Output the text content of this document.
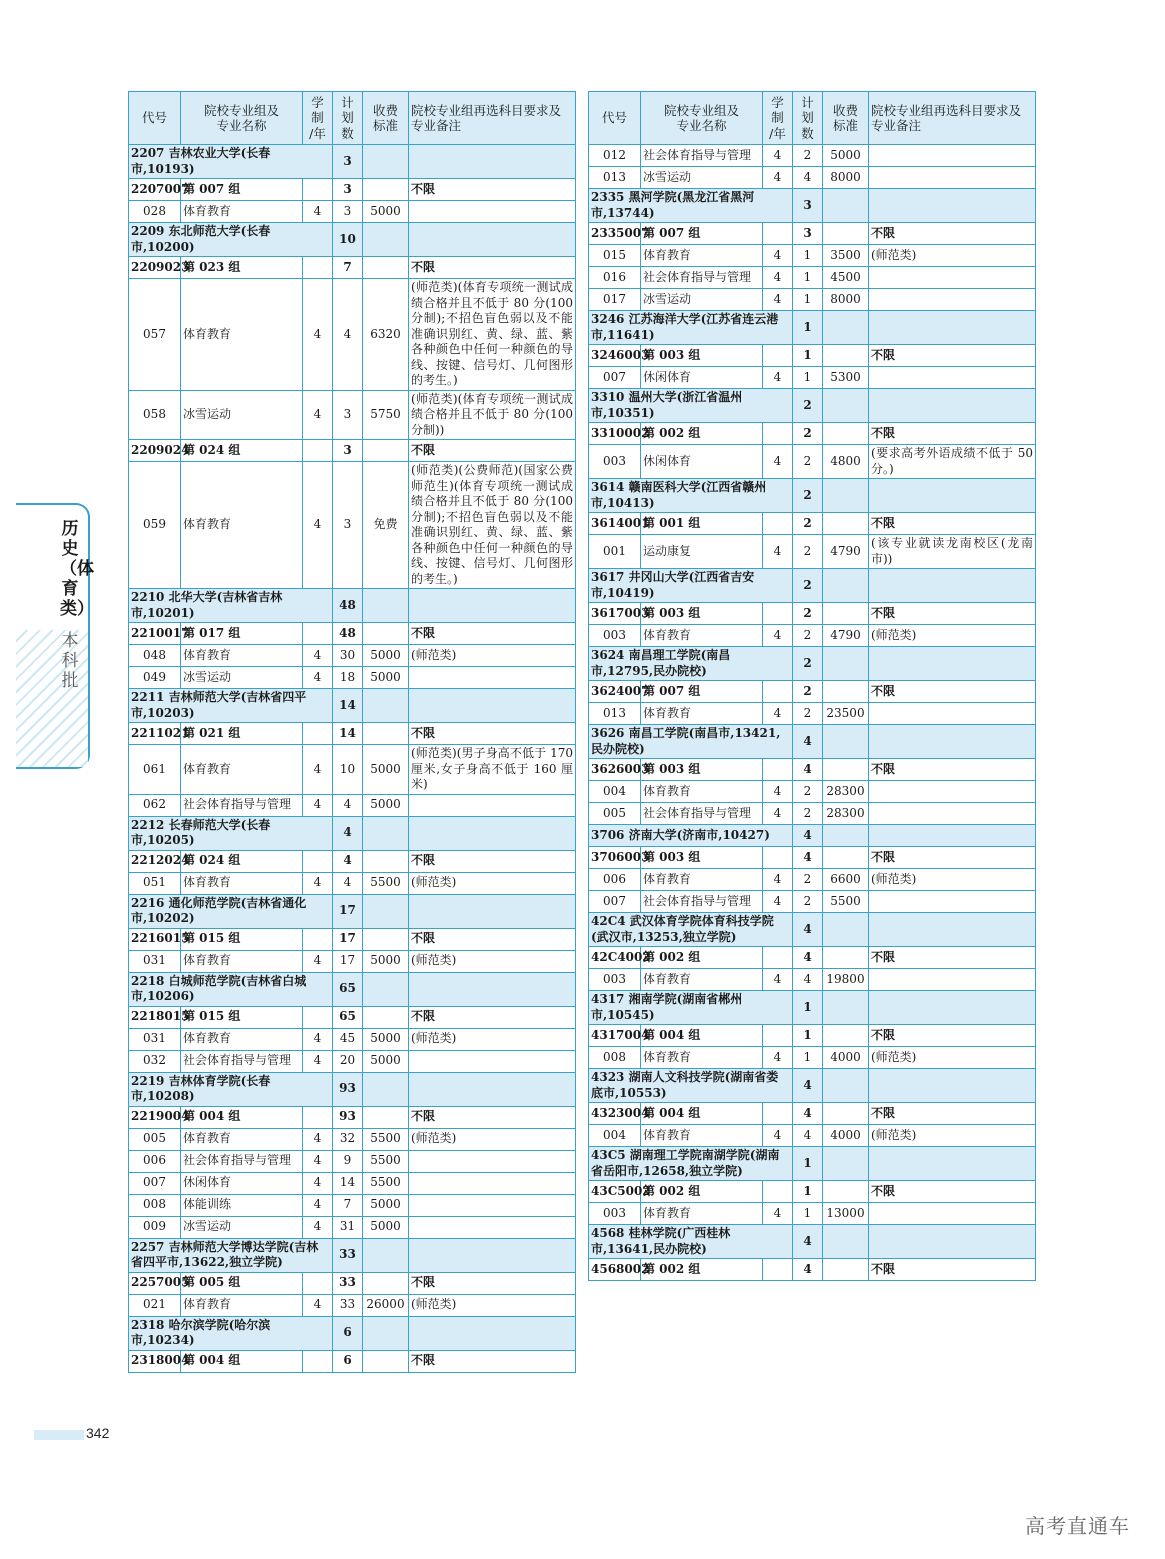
历史（体育类）
本科批
代号	院校专业组及
专业名称	学
制
/年	计
划
数	收费
标准	院校专业组再选科目要求及
专业备注
2207 吉林农业大学(长春市,10193)			3		
2207007	第 007 组		3		不限
028	体育教育	4	3	5000	
2209 东北师范大学(长春市,10200)			10		
2209023	第 023 组		7		不限
057	体育教育	4	4	6320	(师范类)(体育专项统一测试成绩合格并且不低于 80 分(100 分制);不招色盲色弱以及不能准确识别红、黄、绿、蓝、紫各种颜色中任何一种颜色的导线、按键、信号灯、几何图形的考生。)
058	冰雪运动	4	3	5750	(师范类)(体育专项统一测试成绩合格并且不低于 80 分(100 分制))
2209024	第 024 组		3		不限
059	体育教育	4	3	免费	(师范类)(公费师范)(国家公费师范生)(体育专项统一测试成绩合格并且不低于 80 分(100 分制);不招色盲色弱以及不能准确识别红、黄、绿、蓝、紫各种颜色中任何一种颜色的导线、按键、信号灯、几何图形的考生。)
2210 北华大学(吉林省吉林市,10201)			48		
2210017	第 017 组		48		不限
048	体育教育	4	30	5000	(师范类)
049	冰雪运动	4	18	5000	
2211 吉林师范大学(吉林省四平市,10203)			14		
2211021	第 021 组		14		不限
061	体育教育	4	10	5000	(师范类)(男子身高不低于 170 厘米,女子身高不低于 160 厘米)
062	社会体育指导与管理	4	4	5000	
2212 长春师范大学(长春市,10205)			4		
2212024	第 024 组		4		不限
051	体育教育	4	4	5500	(师范类)
2216 通化师范学院(吉林省通化市,10202)			17		
2216015	第 015 组		17		不限
031	体育教育	4	17	5000	(师范类)
2218 白城师范学院(吉林省白城市,10206)			65		
2218015	第 015 组		65		不限
031	体育教育	4	45	5000	(师范类)
032	社会体育指导与管理	4	20	5000	
2219 吉林体育学院(长春市,10208)			93		
2219004	第 004 组		93		不限
005	体育教育	4	32	5500	(师范类)
006	社会体育指导与管理	4	9	5500	
007	休闲体育	4	14	5500	
008	体能训练	4	7	5000	
009	冰雪运动	4	31	5000	
2257 吉林师范大学博达学院(吉林省四平市,13622,独立学院)			33		
2257005	第 005 组		33		不限
021	体育教育	4	33	26000	(师范类)
2318 哈尔滨学院(哈尔滨市,10234)			6		
2318004	第 004 组		6		不限
代号	院校专业组及
专业名称	学
制
/年	计
划
数	收费
标准	院校专业组再选科目要求及
专业备注
012	社会体育指导与管理	4	2	5000	
013	冰雪运动	4	4	8000	
2335 黑河学院(黑龙江省黑河市,13744)			3		
2335007	第 007 组		3		不限
015	体育教育	4	1	3500	(师范类)
016	社会体育指导与管理	4	1	4500	
017	冰雪运动	4	1	8000	
3246 江苏海洋大学(江苏省连云港市,11641)			1		
3246003	第 003 组		1		不限
007	休闲体育	4	1	5300	
3310 温州大学(浙江省温州市,10351)			2		
3310002	第 002 组		2		不限
003	休闲体育	4	2	4800	(要求高考外语成绩不低于 50 分。)
3614 赣南医科大学(江西省赣州市,10413)			2		
3614001	第 001 组		2		不限
001	运动康复	4	2	4790	(该专业就读龙南校区(龙南市))
3617 井冈山大学(江西省吉安市,10419)			2		
3617003	第 003 组		2		不限
003	体育教育	4	2	4790	(师范类)
3624 南昌理工学院(南昌市,12795,民办院校)			2		
3624007	第 007 组		2		不限
013	体育教育	4	2	23500	
3626 南昌工学院(南昌市,13421,民办院校)			4		
3626003	第 003 组		4		不限
004	体育教育	4	2	28300	
005	社会体育指导与管理	4	2	28300	
3706 济南大学(济南市,10427)			4		
3706003	第 003 组		4		不限
006	体育教育	4	2	6600	(师范类)
007	社会体育指导与管理	4	2	5500	
42C4 武汉体育学院体育科技学院(武汉市,13253,独立学院)			4		
42C4002	第 002 组		4		不限
003	体育教育	4	4	19800	
4317 湘南学院(湖南省郴州市,10545)			1		
4317004	第 004 组		1		不限
008	体育教育	4	1	4000	(师范类)
4323 湖南人文科技学院(湖南省娄底市,10553)			4		
4323004	第 004 组		4		不限
004	体育教育	4	4	4000	(师范类)
43C5 湖南理工学院南湖学院(湖南省岳阳市,12658,独立学院)			1		
43C5002	第 002 组		1		不限
003	体育教育	4	1	13000	
4568 桂林学院(广西桂林市,13641,民办院校)			4		
4568002	第 002 组		4		不限
342
高考直通车
